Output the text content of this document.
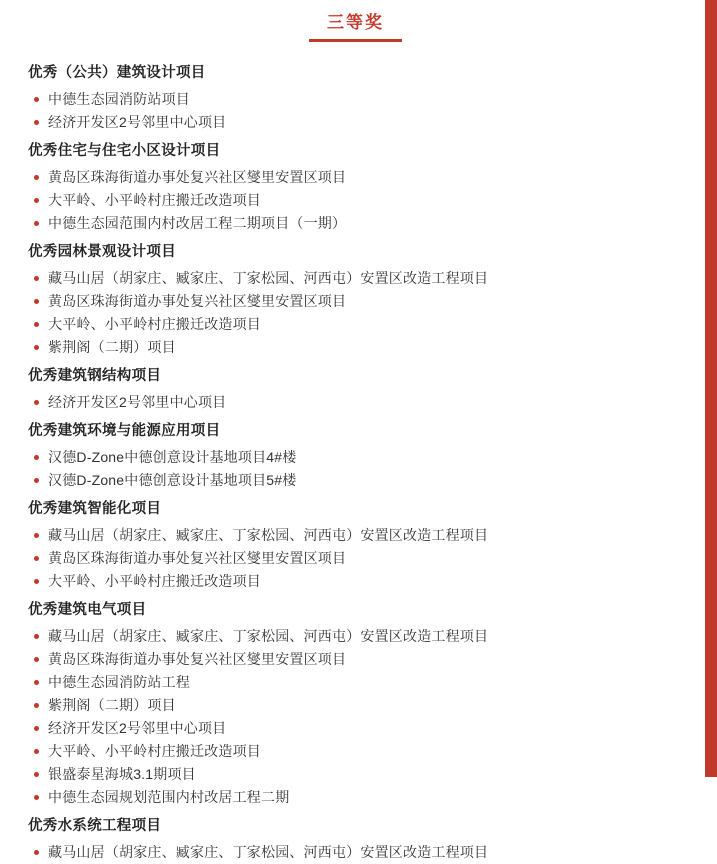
三等奖
优秀（公共）建筑设计项目
中德生态园消防站项目
经济开发区2号邻里中心项目
优秀住宅与住宅小区设计项目
黄岛区珠海街道办事处复兴社区燮里安置区项目
大平岭、小平岭村庄搬迁改造项目
中德生态园范围内村改居工程二期项目（一期）
优秀园林景观设计项目
藏马山居（胡家庄、臧家庄、丁家松园、河西屯）安置区改造工程项目
黄岛区珠海街道办事处复兴社区燮里安置区项目
大平岭、小平岭村庄搬迁改造项目
紫荆阁（二期）项目
优秀建筑钢结构项目
经济开发区2号邻里中心项目
优秀建筑环境与能源应用项目
汉德D-Zone中德创意设计基地项目4#楼
汉德D-Zone中德创意设计基地项目5#楼
优秀建筑智能化项目
藏马山居（胡家庄、臧家庄、丁家松园、河西屯）安置区改造工程项目
黄岛区珠海街道办事处复兴社区燮里安置区项目
大平岭、小平岭村庄搬迁改造项目
优秀建筑电气项目
藏马山居（胡家庄、臧家庄、丁家松园、河西屯）安置区改造工程项目
黄岛区珠海街道办事处复兴社区燮里安置区项目
中德生态园消防站工程
紫荆阁（二期）项目
经济开发区2号邻里中心项目
大平岭、小平岭村庄搬迁改造项目
银盛泰星海城3.1期项目
中德生态园规划范围内村改居工程二期
优秀水系统工程项目
藏马山居（胡家庄、臧家庄、丁家松园、河西屯）安置区改造工程项目
